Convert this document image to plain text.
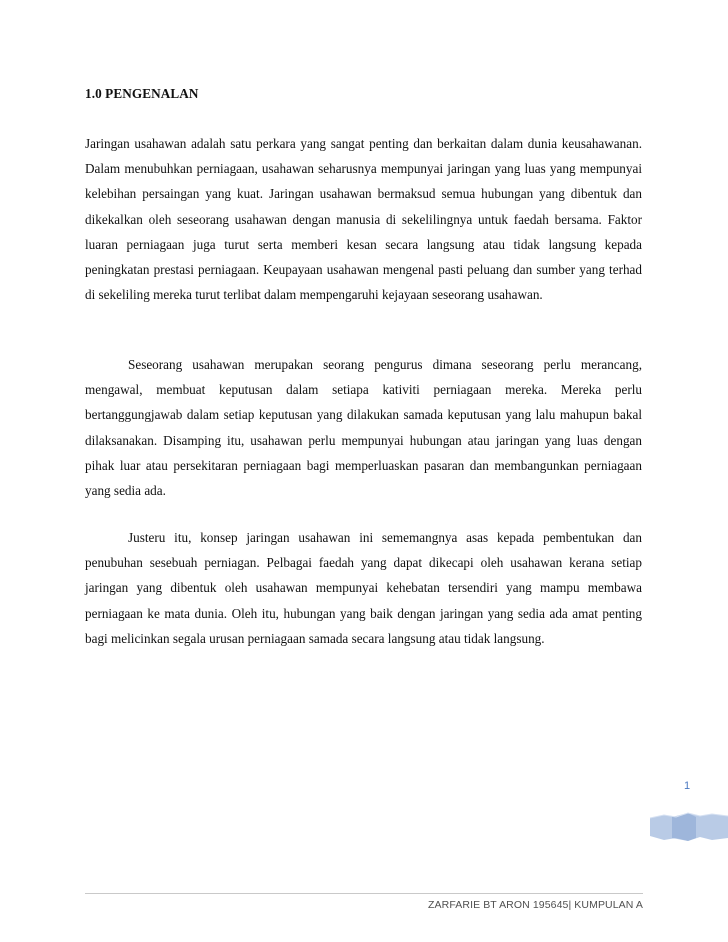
1.0 PENGENALAN
Jaringan usahawan adalah satu perkara yang sangat penting dan berkaitan dalam dunia keusahawanan. Dalam menubuhkan perniagaan, usahawan seharusnya mempunyai jaringan yang luas yang mempunyai kelebihan persaingan yang kuat. Jaringan usahawan bermaksud semua hubungan yang dibentuk dan dikekalkan oleh seseorang usahawan dengan manusia di sekelilingnya untuk faedah bersama. Faktor luaran perniagaan juga turut serta memberi kesan secara langsung atau tidak langsung kepada peningkatan prestasi perniagaan. Keupayaan usahawan mengenal pasti peluang dan sumber yang terhad di sekeliling mereka turut terlibat dalam mempengaruhi kejayaan seseorang usahawan.
Seseorang usahawan merupakan seorang pengurus dimana seseorang perlu merancang, mengawal, membuat keputusan dalam setiapa kativiti perniagaan mereka. Mereka perlu bertanggungjawab dalam setiap keputusan yang dilakukan samada keputusan yang lalu mahupun bakal dilaksanakan. Disamping itu, usahawan perlu mempunyai hubungan atau jaringan yang luas dengan pihak luar atau persekitaran perniagaan bagi memperluaskan pasaran dan membangunkan perniagaan yang sedia ada.
Justeru itu, konsep jaringan usahawan ini sememangnya asas kepada pembentukan dan penubuhan sesebuah perniagan. Pelbagai faedah yang dapat dikecapi oleh usahawan kerana setiap jaringan yang dibentuk oleh usahawan mempunyai kehebatan tersendiri yang mampu membawa perniagaan ke mata dunia. Oleh itu, hubungan yang baik dengan jaringan yang sedia ada amat penting bagi melicinkan segala urusan perniagaan samada secara langsung atau tidak langsung.
1
ZARFARIE BT ARON 195645| KUMPULAN A
